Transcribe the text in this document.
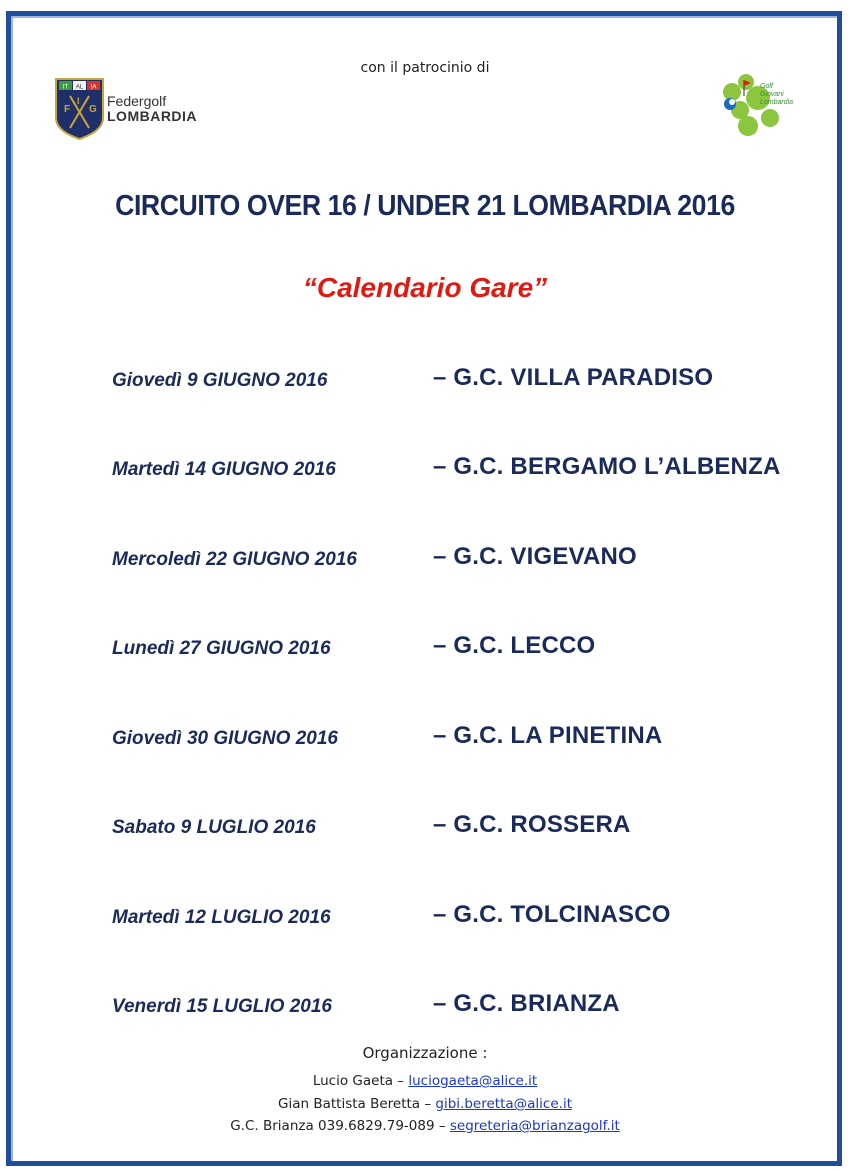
con il patrocinio di
IT AL IA
F
I
G
Federgolf
LOMBARDIA
Golf
Giovani
Lombardia
CIRCUITO OVER 16 / UNDER 21 LOMBARDIA 2016
“Calendario Gare”
Giovedì 9 GIUGNO 2016	– G.C. VILLA PARADISO
Martedì 14 GIUGNO 2016	– G.C. BERGAMO L’ALBENZA
Mercoledì 22 GIUGNO 2016	– G.C. VIGEVANO
Lunedì 27 GIUGNO 2016	– G.C. LECCO
Giovedì 30 GIUGNO 2016	– G.C. LA PINETINA
Sabato 9 LUGLIO 2016	– G.C. ROSSERA
Martedì 12 LUGLIO 2016	– G.C. TOLCINASCO
Venerdì 15 LUGLIO 2016	– G.C. BRIANZA
Organizzazione :
Lucio Gaeta – luciogaeta@alice.it
Gian Battista Beretta – gibi.beretta@alice.it
G.C. Brianza 039.6829.79-089 – segreteria@brianzagolf.it
